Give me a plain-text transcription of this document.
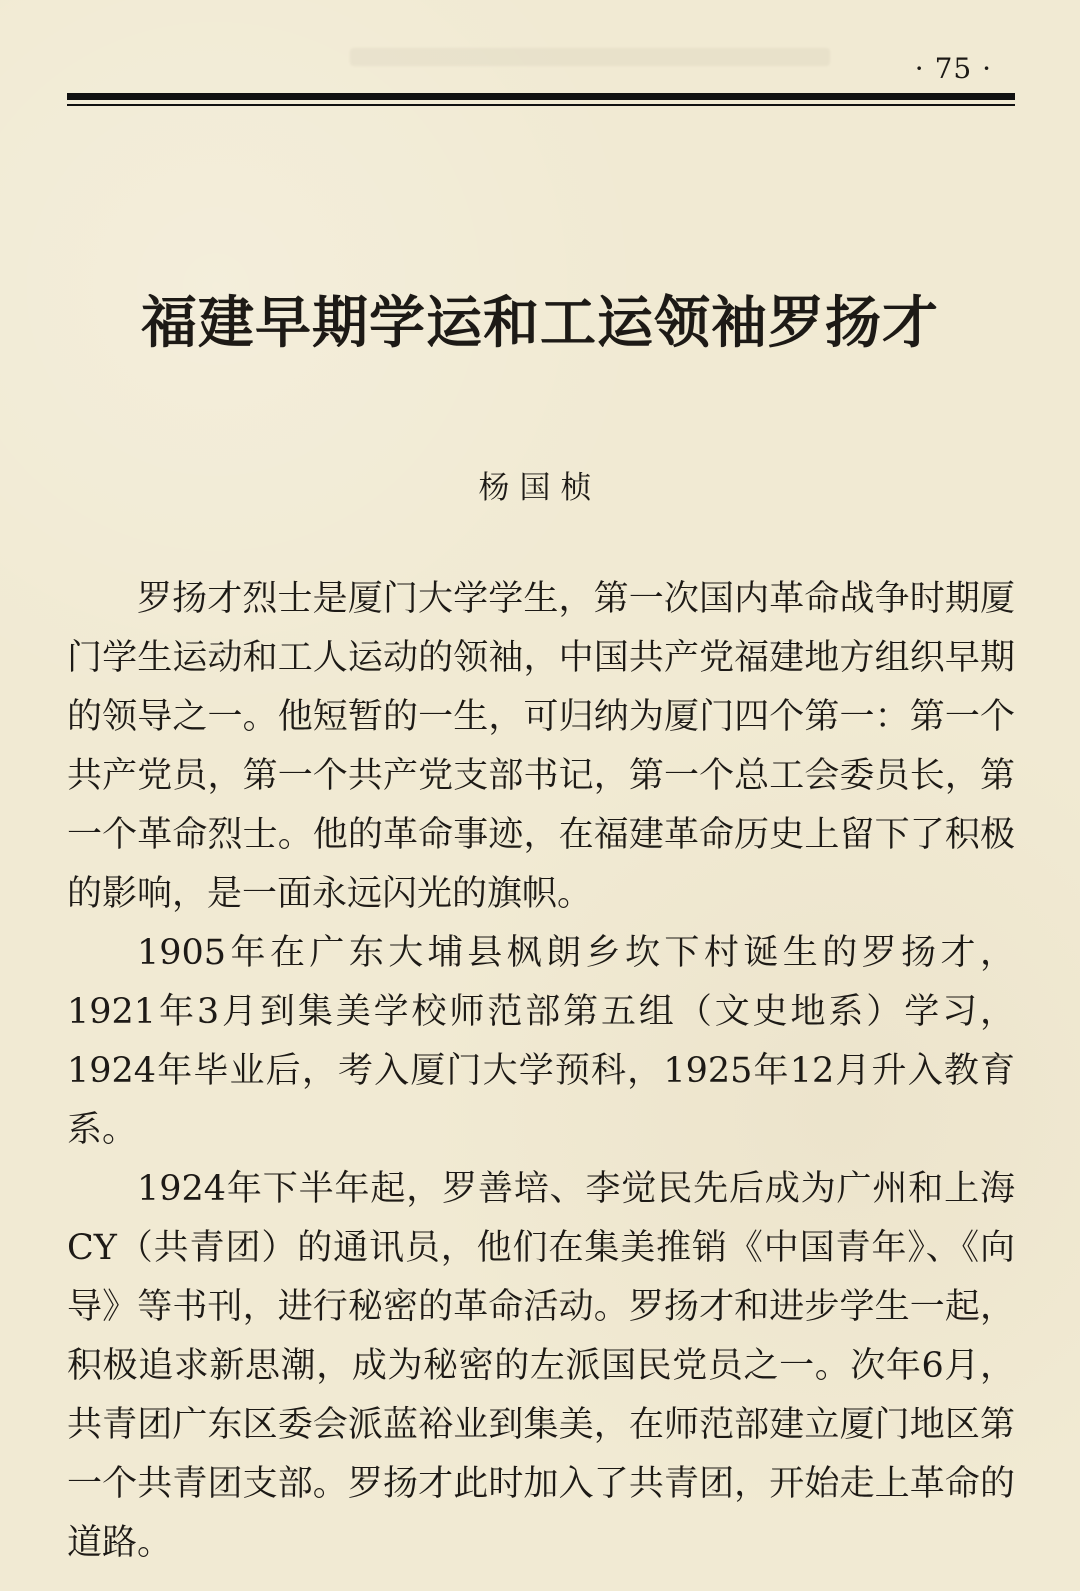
· 75 ·
福建早期学运和工运领袖罗扬才
杨国桢

罗扬才烈士是厦门大学学生，第一次国内革命战争时期厦门学生运动和工人运动的领袖，中国共产党福建地方组织早期的领导之一。他短暂的一生，可归纳为厦门四个第一：第一个共产党员，第一个共产党支部书记，第一个总工会委员长，第一个革命烈士。他的革命事迹，在福建革命历史上留下了积极的影响，是一面永远闪光的旗帜。

1905年在广东大埔县枫朗乡坎下村诞生的罗扬才，1921年3月到集美学校师范部第五组（文史地系）学习，1924年毕业后，考入厦门大学预科，1925年12月升入教育系。

1924年下半年起，罗善培、李觉民先后成为广州和上海CY（共青团）的通讯员，他们在集美推销《中国青年》、《向导》等书刊，进行秘密的革命活动。罗扬才和进步学生一起，积极追求新思潮，成为秘密的左派国民党员之一。次年6月，共青团广东区委会派蓝裕业到集美，在师范部建立厦门地区第一个共青团支部。罗扬才此时加入了共青团，开始走上革命的道路。
